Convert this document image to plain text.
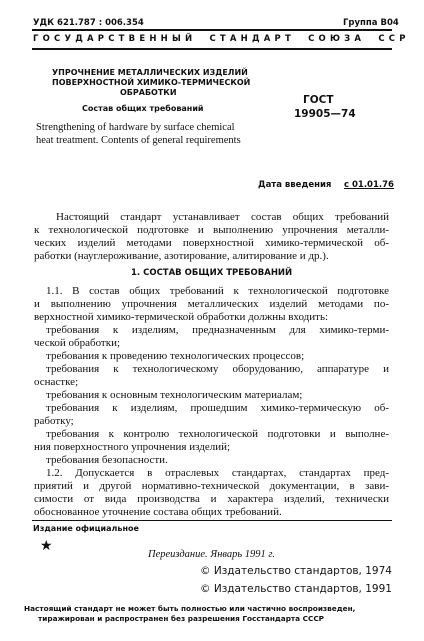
УДК 621.787 : 006.354	Группа В04
ГОСУДАРСТВЕННЫЙ СТАНДАРТ СОЮЗА ССР
УПРОЧНЕНИЕ МЕТАЛЛИЧЕСКИХ ИЗДЕЛИЙ
ПОВЕРХНОСТНОЙ ХИМИКО-ТЕРМИЧЕСКОЙ
ОБРАБОТКИ
Состав общих требований
Strengthening of hardware by surface chemical
heat treatment. Contents of general requirements
ГОСТ
19905—74
Дата введения с 01.01.76
Настоящий стандарт устанавливает состав общих требований
к технологической подготовке и выполнению упрочнения металли-
ческих изделий методами поверхностной химико-термической об-
работки (науглероживание, азотирование, алитирование и др.).
1. СОСТАВ ОБЩИХ ТРЕБОВАНИЙ
1.1. В состав общих требований к технологической подготовке
и выполнению упрочнения металлических изделий методами по-
верхностной химико-термической обработки должны входить:
требования к изделиям, предназначенным для химико-терми-
ческой обработки;
требования к проведению технологических процессов;
требования к технологическому оборудованию, аппаратуре и
оснастке;
требования к основным технологическим материалам;
требования к изделиям, прошедшим химико-термическую об-
работку;
требования к контролю технологической подготовки и выполне-
ния поверхностного упрочнения изделий;
требования безопасности.
1.2. Допускается в отраслевых стандартах, стандартах пред-
приятий и другой нормативно-технической документации, в зави-
симости от вида производства и характера изделий, технически
обоснованное уточнение состава общих требований.
Издание официальное
★
Переиздание. Январь 1991 г.
© Издательство стандартов, 1974
© Издательство стандартов, 1991
Настоящий стандарт не может быть полностью или частично воспроизведен,
тиражирован и распространен без разрешения Госстандарта СССР
